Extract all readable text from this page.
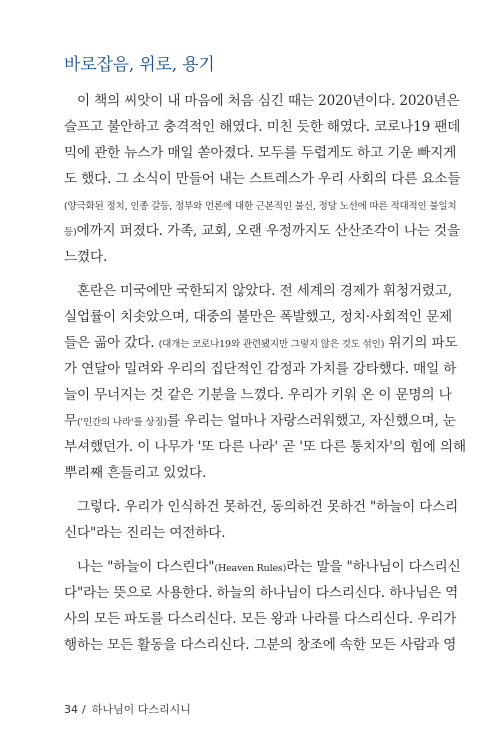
바로잡음, 위로, 용기
이 책의 씨앗이 내 마음에 처음 심긴 때는 2020년이다. 2020년은
슬프고 불안하고 충격적인 해였다. 미친 듯한 해였다. 코로나19 팬데
믹에 관한 뉴스가 매일 쏟아졌다. 모두를 두렵게도 하고 기운 빠지게
도 했다. 그 소식이 만들어 내는 스트레스가 우리 사회의 다른 요소들
(양극화된 정치, 인종 갈등, 정부와 언론에 대한 근본적인 불신, 정당 노선에 따른 적대적인 불일치
등)에까지 퍼졌다. 가족, 교회, 오랜 우정까지도 산산조각이 나는 것을
느꼈다.
혼란은 미국에만 국한되지 않았다. 전 세계의 경제가 휘청거렸고,
실업률이 치솟았으며, 대중의 불만은 폭발했고, 정치·사회적인 문제
들은 곪아 갔다. (대개는 코로나19와 관련됐지만 그렇지 않은 것도 섞인) 위기의 파도
가 연달아 밀려와 우리의 집단적인 감정과 가치를 강타했다. 매일 하
늘이 무너지는 것 같은 기분을 느꼈다. 우리가 키워 온 이 문명의 나
무('인간의 나라'를 상징)를 우리는 얼마나 자랑스러워했고, 자신했으며, 눈
부셔했던가. 이 나무가 '또 다른 나라' 곧 '또 다른 통치자'의 힘에 의해
뿌리째 흔들리고 있었다.
그렇다. 우리가 인식하건 못하건, 동의하건 못하건 "하늘이 다스리
신다"라는 진리는 여전하다.
나는 "하늘이 다스린다"(Heaven Rules)라는 말을 "하나님이 다스리신
다"라는 뜻으로 사용한다. 하늘의 하나님이 다스리신다. 하나님은 역
사의 모든 파도를 다스리신다. 모든 왕과 나라를 다스리신다. 우리가
행하는 모든 활동을 다스리신다. 그분의 창조에 속한 모든 사람과 영
34 / 하나님이 다스리시니
